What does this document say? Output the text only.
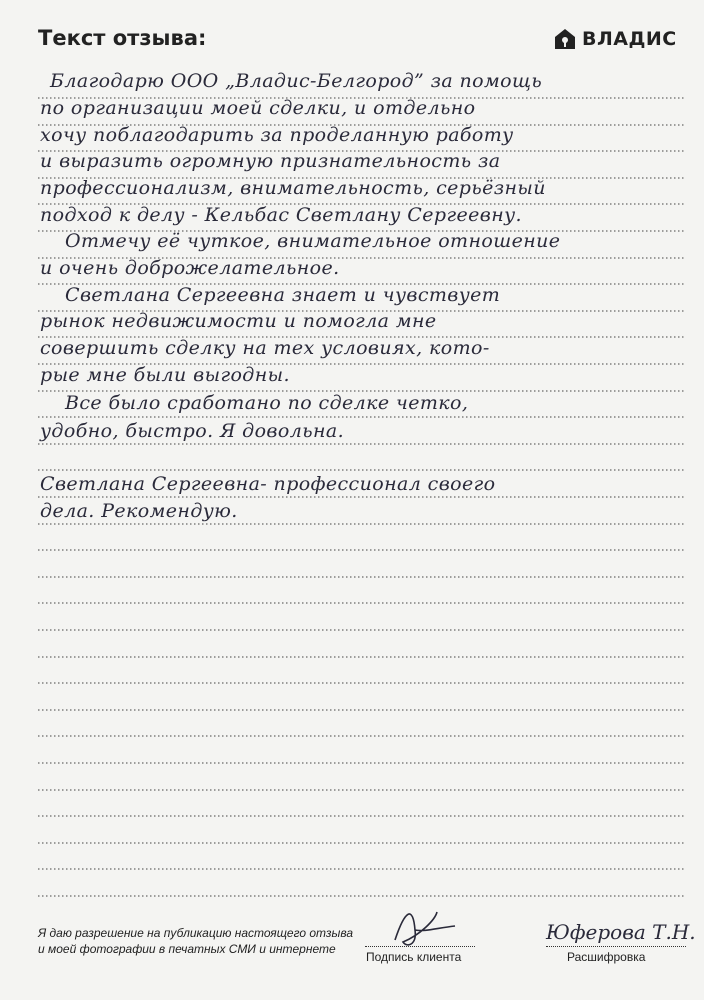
Текст отзыва:	ВЛАДИС
Благодарю ООО „Владис-Белгород” за помощь
по организации моей сделки, и отдельно
хочу поблагодарить за проделанную работу
и выразить огромную признательность за
профессионализм, внимательность, серьёзный
подход к делу - Кельбас Светлану Сергеевну.
Отмечу её чуткое, внимательное отношение
и очень доброжелательное.
Светлана Сергеевна знает и чувствует
рынок недвижимости и помогла мне
совершить сделку на тех условиях, кото-
рые мне были выгодны.
Все было сработано по сделке четко,
удобно, быстро. Я довольна.
Светлана Сергеевна- профессионал своего
дела. Рекомендую.
Я даю разрешение на публикацию настоящего отзыва
и моей фотографии в печатных СМИ и интернете
Подпись клиента
Юферова Т.Н.
Расшифровка
